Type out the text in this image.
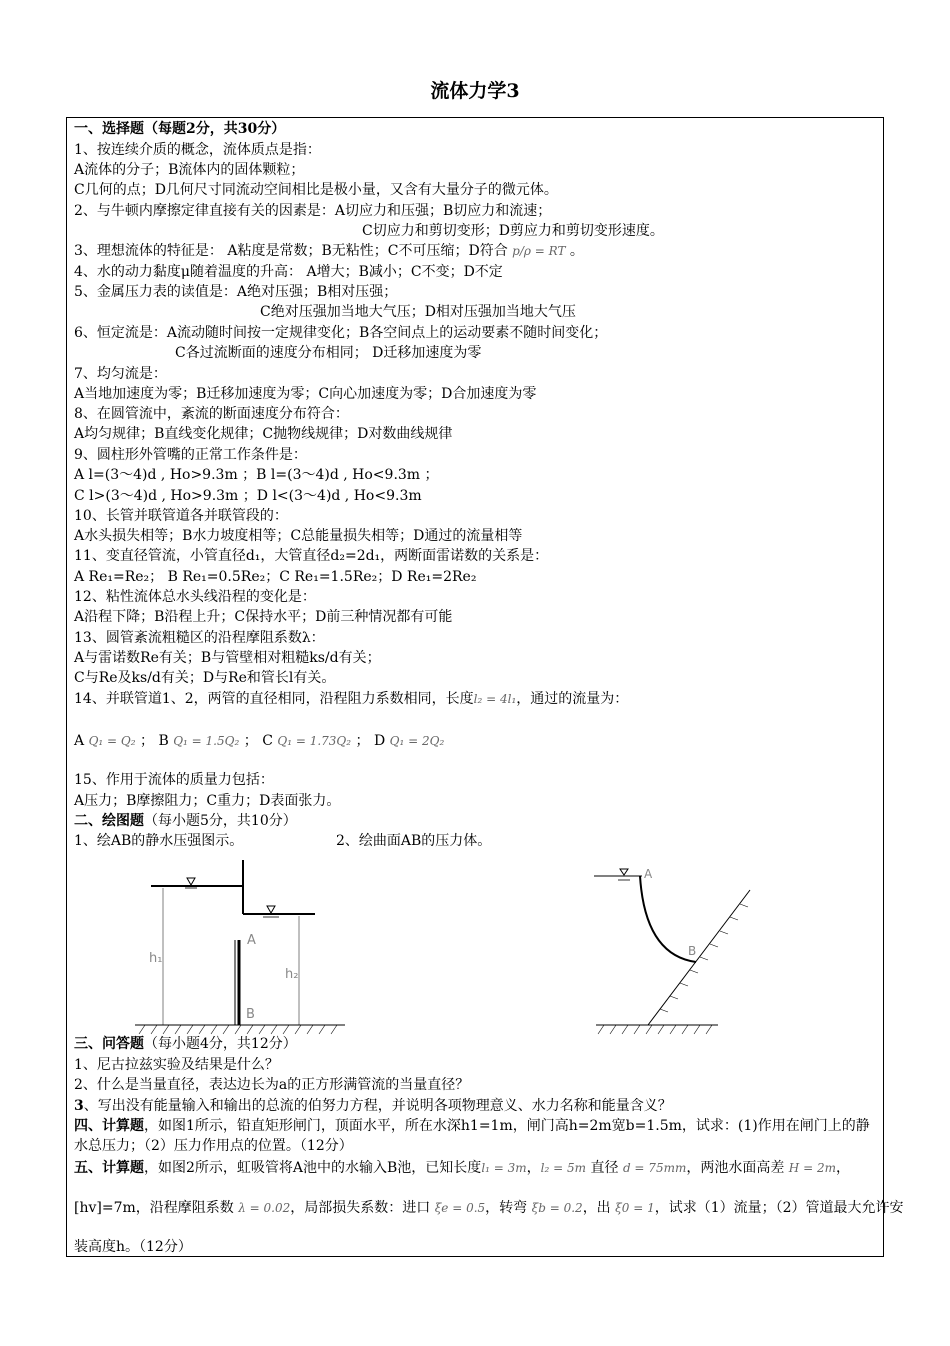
流体力学3
一、选择题（每题2分，共30分）
1、按连续介质的概念，流体质点是指：
A流体的分子；B流体内的固体颗粒；
C几何的点；D几何尺寸同流动空间相比是极小量，又含有大量分子的微元体。
2、与牛顿内摩擦定律直接有关的因素是：A切应力和压强；B切应力和流速；
C切应力和剪切变形；D剪应力和剪切变形速度。
3、理想流体的特征是： A粘度是常数；B无粘性；C不可压缩；D符合 p/ρ = RT 。
4、水的动力黏度μ随着温度的升高： A增大；B减小；C不变；D不定
5、金属压力表的读值是：A绝对压强；B相对压强；
C绝对压强加当地大气压；D相对压强加当地大气压
6、恒定流是：A流动随时间按一定规律变化；B各空间点上的运动要素不随时间变化；
C各过流断面的速度分布相同； D迁移加速度为零
7、均匀流是：
A当地加速度为零；B迁移加速度为零；C向心加速度为零；D合加速度为零
8、在圆管流中，紊流的断面速度分布符合：
A均匀规律；B直线变化规律；C抛物线规律；D对数曲线规律
9、圆柱形外管嘴的正常工作条件是：
A l=(3～4)d , Ho>9.3m ；B l=(3～4)d , Ho<9.3m ；
C l>(3～4)d , Ho>9.3m ；D l<(3～4)d , Ho<9.3m
10、长管并联管道各并联管段的：
A水头损失相等；B水力坡度相等；C总能量损失相等；D通过的流量相等
11、变直径管流，小管直径d₁，大管直径d₂=2d₁，两断面雷诺数的关系是：
A Re₁=Re₂； B Re₁=0.5Re₂；C Re₁=1.5Re₂；D Re₁=2Re₂
12、粘性流体总水头线沿程的变化是：
A沿程下降；B沿程上升；C保持水平；D前三种情况都有可能
13、圆管紊流粗糙区的沿程摩阻系数λ：
A与雷诺数Re有关；B与管壁相对粗糙ks/d有关；
C与Re及ks/d有关；D与Re和管长l有关。
14、并联管道1、2，两管的直径相同，沿程阻力系数相同，长度l₂ = 4l₁，通过的流量为：
A Q₁ = Q₂ ； B Q₁ = 1.5Q₂ ； C Q₁ = 1.73Q₂ ； D Q₁ = 2Q₂
15、作用于流体的质量力包括：
A压力；B摩擦阻力；C重力；D表面张力。
二、绘图题（每小题5分，共10分）
1、绘AB的静水压强图示。	2、绘曲面AB的压力体。
A
B
h₁
h₂
A
B
三、问答题（每小题4分，共12分）
1、尼古拉兹实验及结果是什么？
2、什么是当量直径，表达边长为a的正方形满管流的当量直径？
3、写出没有能量输入和输出的总流的伯努力方程，并说明各项物理意义、水力名称和能量含义？
四、计算题，如图1所示，铅直矩形闸门，顶面水平，所在水深h1=1m，闸门高h=2m宽b=1.5m，试求：(1)作用在闸门上的静水总压力；（2）压力作用点的位置。（12分）
五、计算题，如图2所示，虹吸管将A池中的水输入B池，已知长度l₁ = 3m，l₂ = 5m 直径 d = 75mm，两池水面高差 H = 2m，
[hv]=7m，沿程摩阻系数 λ = 0.02，局部损失系数：进口 ξe = 0.5，转弯 ξb = 0.2，出 ξ0 = 1，试求（1）流量；（2）管道最大允许安
装高度h。（12分）
